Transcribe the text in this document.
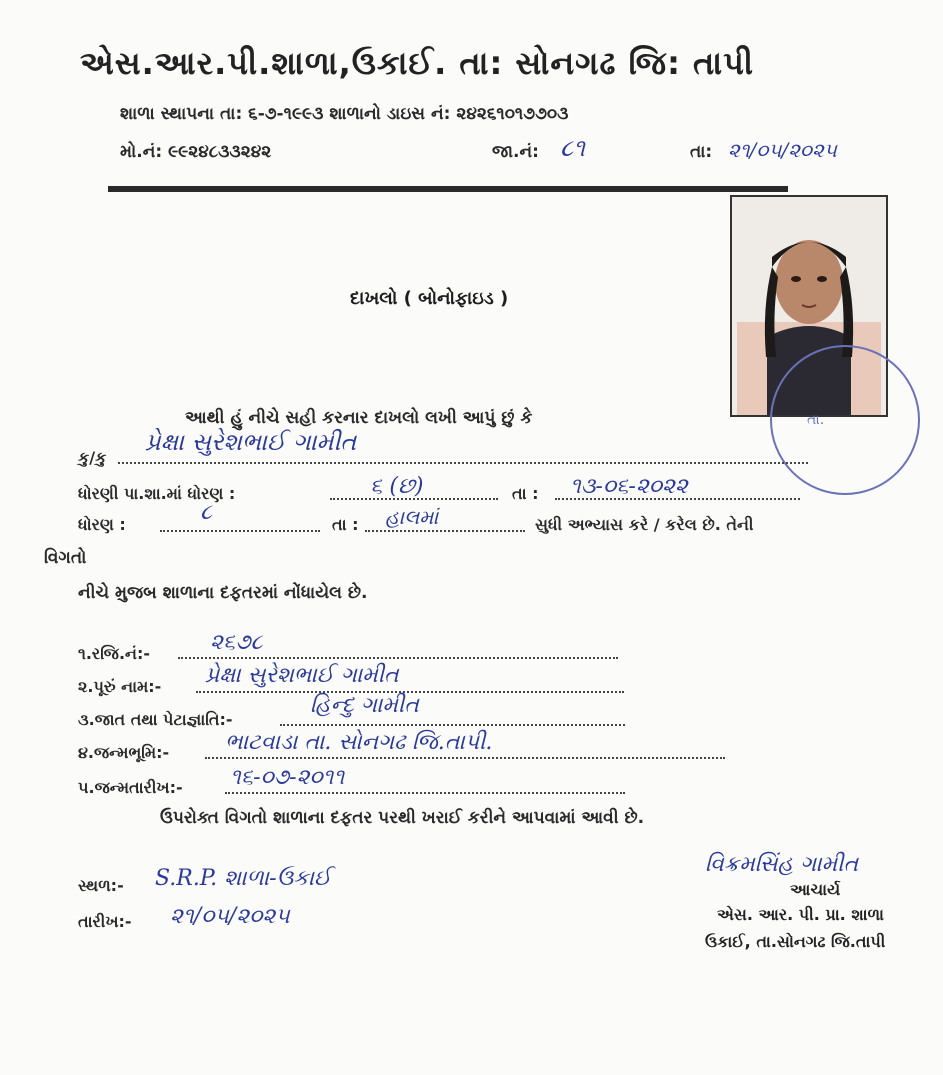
એસ.આર.પી.શાળા,ઉકાઈ. તા: સોનગઢ જિ: તાપી
શાળા સ્થાપના તા: ૬-૭-૧૯૯૩ શાળાનો ડાઇસ નં: ૨૪૨૬૧૦૧૭૭૦૩
મો.નં: ૯૯૨૪૮૩૩૨૪૨	જા.નં: ૮૧	તા: ૨૧/૦૫/૨૦૨૫
તા.
દાખલો ( બોનોફાઇડ )
આથી હું નીચે સહી કરનાર દાખલો લખી આપું છું કે
કુ/કુ
પ્રેક્ષા સુરેશભાઈ ગામીત
ધોરણી પા.શા.માં ધોરણ :	૬ (છ)	તા : ૧૩-૦૬-૨૦૨૨
ધોરણ :	૮	તા : હાલમાં	સુધી અભ્યાસ કરે / કરેલ છે. તેની
વિગતો
નીચે મુજબ શાળાના દફતરમાં નોંધાયેલ છે.
૧.રજિ.નં:-	૨૬૭૮
૨.પૂરું નામ:- પ્રેક્ષા સુરેશભાઈ ગામીત
૩.જાત તથા પેટાજ્ઞાતિ:-
હિન્દુ ગામીત
૪.જન્મભૂમિ:-	ભાટવાડા તા. સોનગઢ જિ.તાપી.
૫.જન્મતારીખ:- ૧૬-૦૭-૨૦૧૧
ઉપરોક્ત વિગતો શાળાના દફતર પરથી ખરાઈ કરીને આપવામાં આવી છે.
સ્થળ:- S.R.P. શાળા-ઉકાઈ
તારીખ:- ૨૧/૦૫/૨૦૨૫
વિક્રમસિંહ ગામીત
આચાર્ય
એસ. આર. પી. પ્રા. શાળા
ઉકાઈ, તા.સોનગઢ જિ.તાપી
